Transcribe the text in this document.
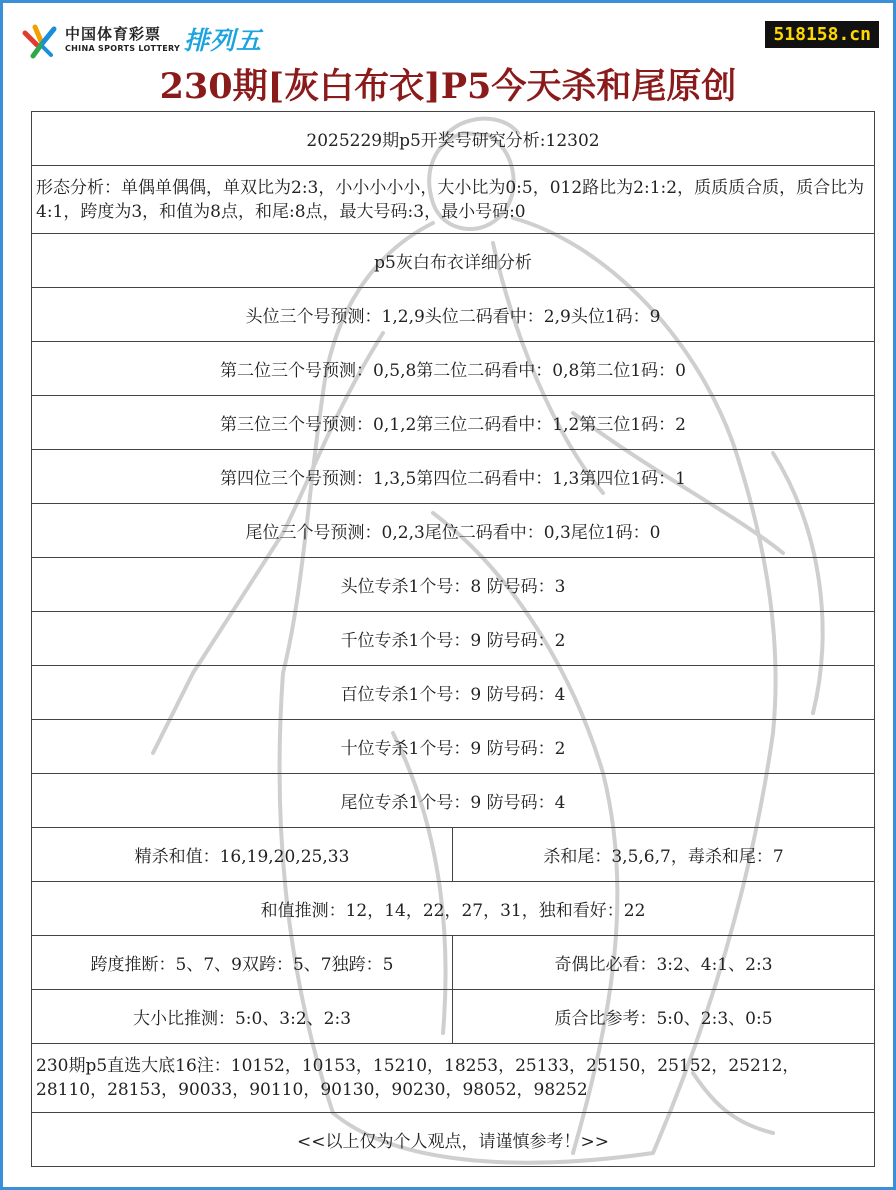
中国体育彩票
CHINA SPORTS LOTTERY 排列五	518158.cn
230期[灰白布衣]P5今天杀和尾原创
2025229期p5开奖号研究分析:12302	
形态分析：单偶单偶偶，单双比为2:3，小小小小小，大小比为0:5，012路比为2:1:2，质质质合质，质合比为4:1，跨度为3，和值为8点，和尾:8点，最大号码:3，最小号码:0	
p5灰白布衣详细分析	
头位三个号预测：1,2,9头位二码看中：2,9头位1码：9	
第二位三个号预测：0,5,8第二位二码看中：0,8第二位1码：0	
第三位三个号预测：0,1,2第三位二码看中：1,2第三位1码：2	
第四位三个号预测：1,3,5第四位二码看中：1,3第四位1码：1	
尾位三个号预测：0,2,3尾位二码看中：0,3尾位1码：0	
头位专杀1个号：8 防号码：3	
千位专杀1个号：9 防号码：2	
百位专杀1个号：9 防号码：4	
十位专杀1个号：9 防号码：2	
尾位专杀1个号：9 防号码：4	
精杀和值：16,19,20,25,33	杀和尾：3,5,6,7，毒杀和尾：7
和值推测：12，14，22，27，31，独和看好：22	
跨度推断：5、7、9双跨：5、7独跨：5	奇偶比必看：3:2、4:1、2:3
大小比推测：5:0、3:2、2:3	质合比参考：5:0、2:3、0:5
230期p5直选大底16注：10152，10153，15210，18253，25133，25150，25152，25212，28110，28153，90033，90110，90130，90230，98052，98252	
<<以上仅为个人观点，请谨慎参考！>>	
